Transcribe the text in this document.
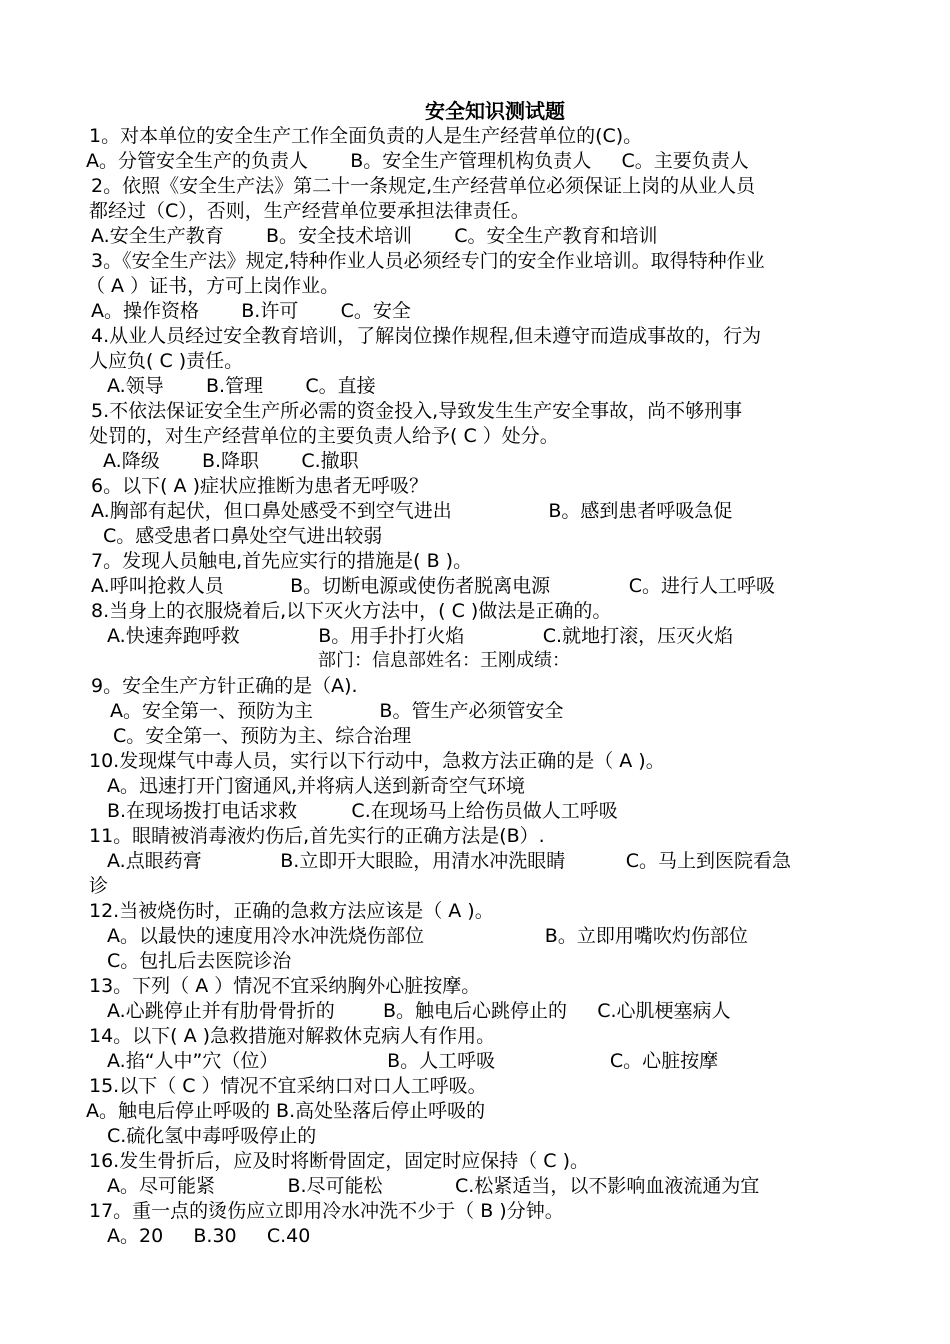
安全知识测试题
1。对本单位的安全生产工作全面负责的人是生产经营单位的(C)。
A。分管安全生产的负责人       B。安全生产管理机构负责人     C。主要负责人
2。依照《安全生产法》第二十一条规定,生产经营单位必须保证上岗的从业人员
都经过（C），否则，生产经营单位要承担法律责任。
A.安全生产教育       B。安全技术培训       C。安全生产教育和培训
3。《安全生产法》规定,特种作业人员必须经专门的安全作业培训。取得特种作业
（ A ）证书，方可上岗作业。
A。操作资格       B.许可       C。安全
4.从业人员经过安全教育培训，了解岗位操作规程,但未遵守而造成事故的，行为
人应负( C )责任。
A.领导       B.管理       C。直接
5.不依法保证安全生产所必需的资金投入,导致发生生产安全事故，尚不够刑事
处罚的，对生产经营单位的主要负责人给予( C ）处分。
A.降级       B.降职       C.撤职
6。以下( A )症状应推断为患者无呼吸？
A.胸部有起伏，但口鼻处感受不到空气进出                B。感到患者呼吸急促
C。感受患者口鼻处空气进出较弱
7。发现人员触电,首先应实行的措施是( B )。
A.呼叫抢救人员           B。切断电源或使伤者脱离电源             C。进行人工呼吸
8.当身上的衣服烧着后,以下灭火方法中，( C )做法是正确的。
A.快速奔跑呼救             B。用手扑打火焰             C.就地打滚，压灭火焰
部门：信息部姓名：王刚成绩：
9。安全生产方针正确的是（A).
A。安全第一、预防为主           B。管生产必须管安全
C。安全第一、预防为主、综合治理
10.发现煤气中毒人员，实行以下行动中，急救方法正确的是（ A )。
A。迅速打开门窗通风,并将病人送到新奇空气环境
B.在现场拨打电话求救         C.在现场马上给伤员做人工呼吸
11。眼睛被消毒液灼伤后,首先实行的正确方法是(B）.
A.点眼药膏             B.立即开大眼睑，用清水冲洗眼睛          C。马上到医院看急
诊
12.当被烧伤时，正确的急救方法应该是（ A )。
A。以最快的速度用冷水冲洗烧伤部位                    B。立即用嘴吹灼伤部位
C。包扎后去医院诊治
13。下列（ A ）情况不宜采纳胸外心脏按摩。
A.心跳停止并有肋骨骨折的        B。触电后心跳停止的     C.心肌梗塞病人
14。以下( A )急救措施对解救休克病人有作用。
A.掐“人中”穴（位）                  B。人工呼吸                   C。心脏按摩
15.以下（ C ）情况不宜采纳口对口人工呼吸。
A。触电后停止呼吸的 B.高处坠落后停止呼吸的
C.硫化氢中毒呼吸停止的
16.发生骨折后，应及时将断骨固定，固定时应保持（ C )。
A。尽可能紧            B.尽可能松            C.松紧适当，以不影响血液流通为宜
17。重一点的烫伤应立即用冷水冲洗不少于（ B )分钟。
A。20     B.30     C.40
